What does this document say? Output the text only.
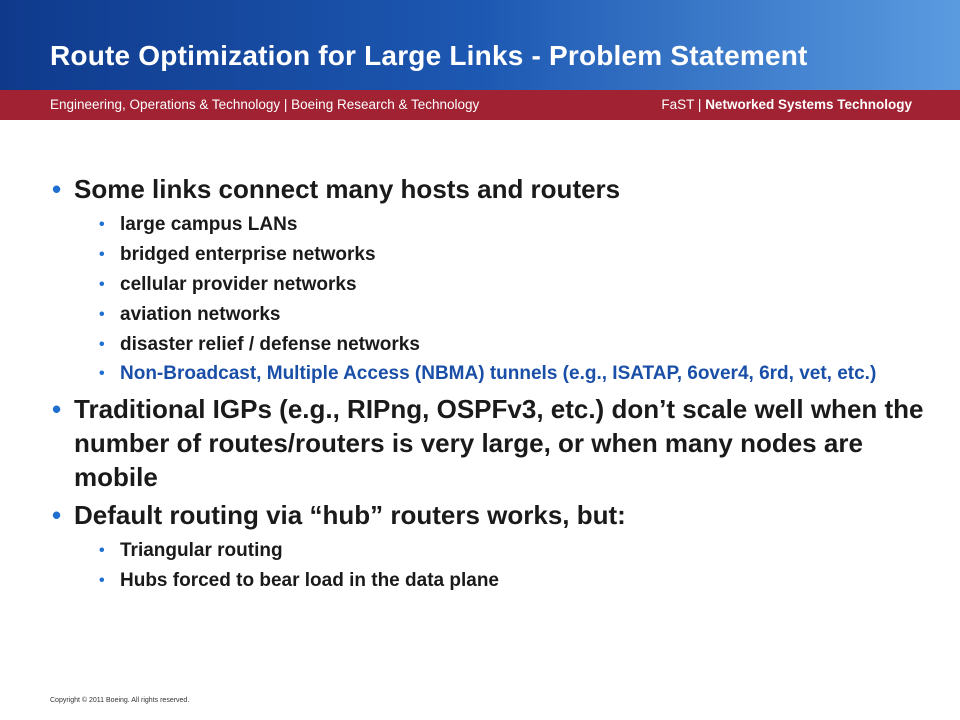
Route Optimization for Large Links - Problem Statement
Engineering, Operations & Technology | Boeing Research & Technology	FaST | Networked Systems Technology
• Some links connect many hosts and routers
• large campus LANs
• bridged enterprise networks
• cellular provider networks
• aviation networks
• disaster relief / defense networks
• Non-Broadcast, Multiple Access (NBMA) tunnels (e.g., ISATAP, 6over4, 6rd, vet, etc.)
• Traditional IGPs (e.g., RIPng, OSPFv3, etc.) don’t scale well when the number of routes/routers is very large, or when many nodes are mobile
• Default routing via “hub” routers works, but:
• Triangular routing
• Hubs forced to bear load in the data plane
Copyright © 2011 Boeing. All rights reserved.
